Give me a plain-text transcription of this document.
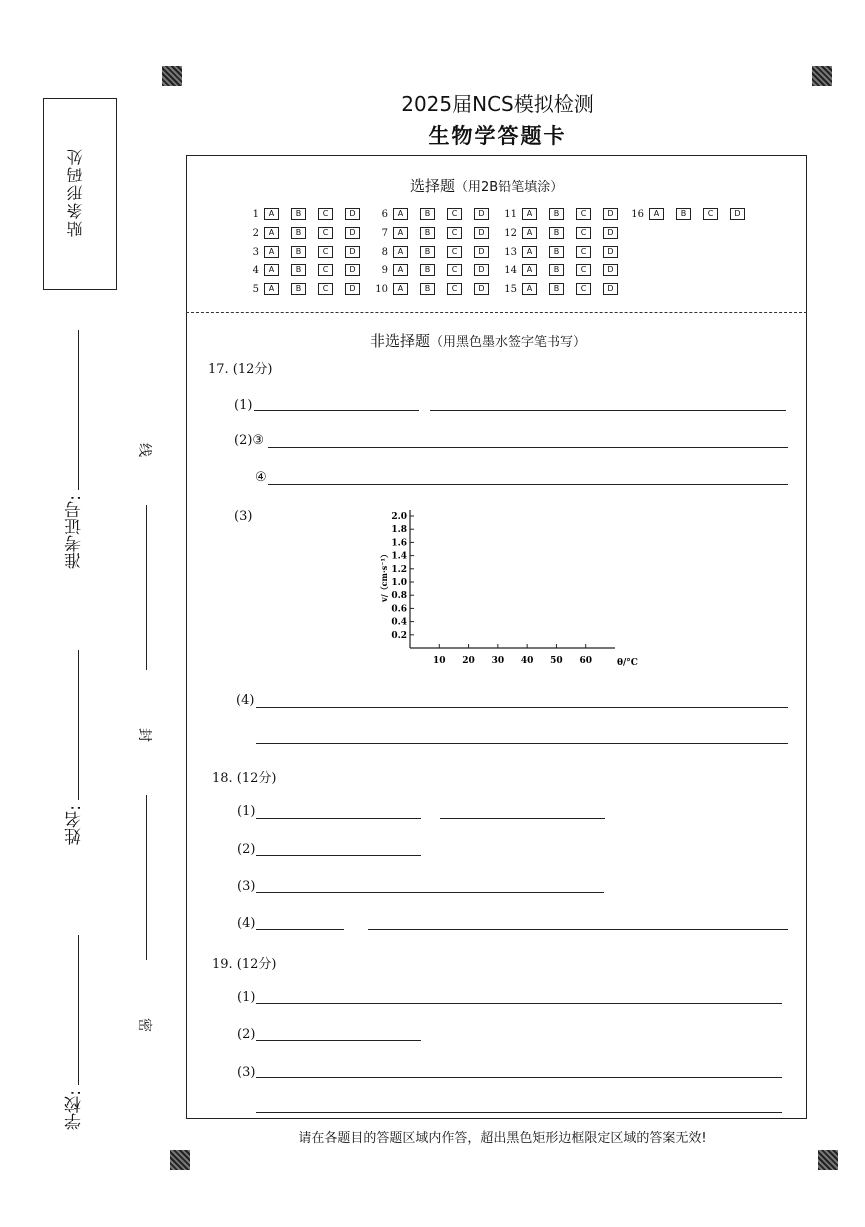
2025届NCS模拟检测
生物学答题卡
贴条形码处
准考证号:
姓名:
学校:
线
封
密
选择题（用2B铅笔填涂）
1	A	B	C	D
2	A	B	C	D
3	A	B	C	D
4	A	B	C	D
5	A	B	C	D
6	A	B	C	D
7	A	B	C	D
8	A	B	C	D
9	A	B	C	D
10	A	B	C	D
11	A	B	C	D
12	A	B	C	D
13	A	B	C	D
14	A	B	C	D
15	A	B	C	D
16	A	B	C	D
非选择题（用黑色墨水签字笔书写）
17. (12分)
(1)
(2)③
④
(3)
0.2
0.4
0.6
0.8
1.0
1.2
1.4
1.6
1.8
2.0
10 20 30 40 50 60	θ/°C
v/（cm·s⁻¹）
(4)
18. (12分)
(1)
(2)
(3)
(4)
19. (12分)
(1)
(2)
(3)
请在各题目的答题区域内作答，超出黑色矩形边框限定区域的答案无效!
